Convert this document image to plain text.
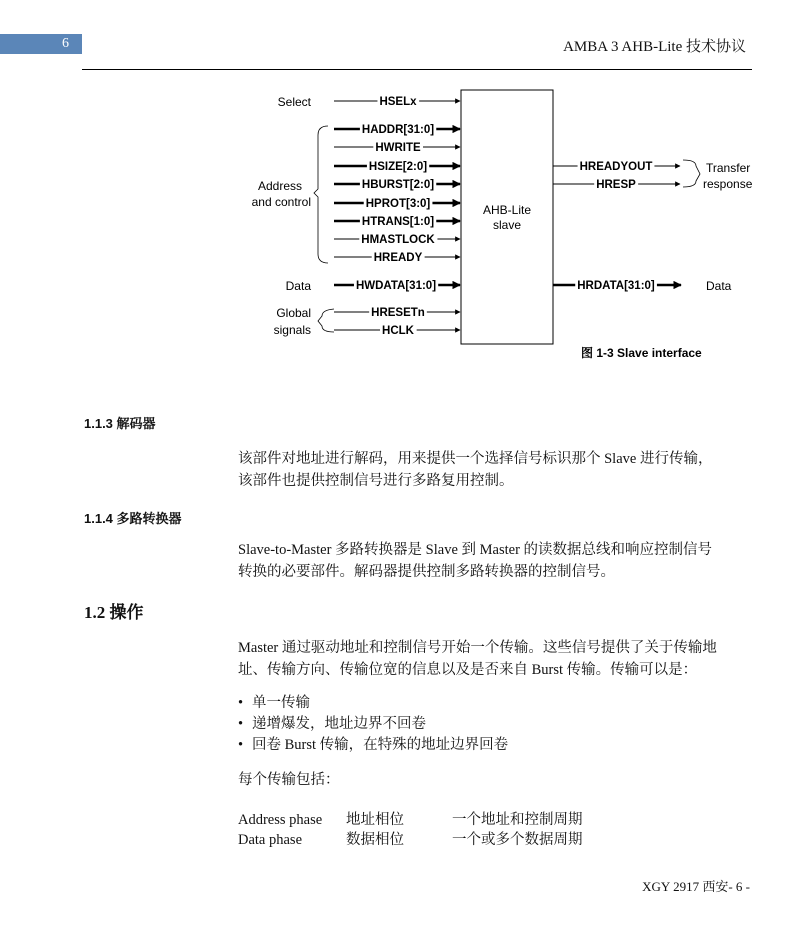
6	AMBA 3 AHB-Lite 技术协议
AHB-Lite
slave
HSELx
HADDR[31:0]
HWRITE
HSIZE[2:0]
HBURST[2:0]
HPROT[3:0]
HTRANS[1:0]
HMASTLOCK
HREADY
HWDATA[31:0]
HRESETn
HCLK
HREADYOUT
HRESP
HRDATA[31:0]
Select
Address
and control
Data
Global
signals
Transfer
response
Data
图 1-3 Slave interface
1.1.3 解码器

该部件对地址进行解码，用来提供一个选择信号标识那个 Slave 进行传输，

该部件也提供控制信号进行多路复用控制。

1.1.4 多路转换器

Slave-to-Master 多路转换器是 Slave 到 Master 的读数据总线和响应控制信号

转换的必要部件。解码器提供控制多路转换器的控制信号。

1.2 操作

Master 通过驱动地址和控制信号开始一个传输。这些信号提供了关于传输地

址、传输方向、传输位宽的信息以及是否来自 Burst 传输。传输可以是：

• 单一传输
• 递增爆发，地址边界不回卷
• 回卷 Burst 传输，在特殊的地址边界回卷
每个传输包括：
Address phase 地址相位	一个地址和控制周期
Data phase	数据相位	一个或多个数据周期
XGY 2917 西安- 6 -
